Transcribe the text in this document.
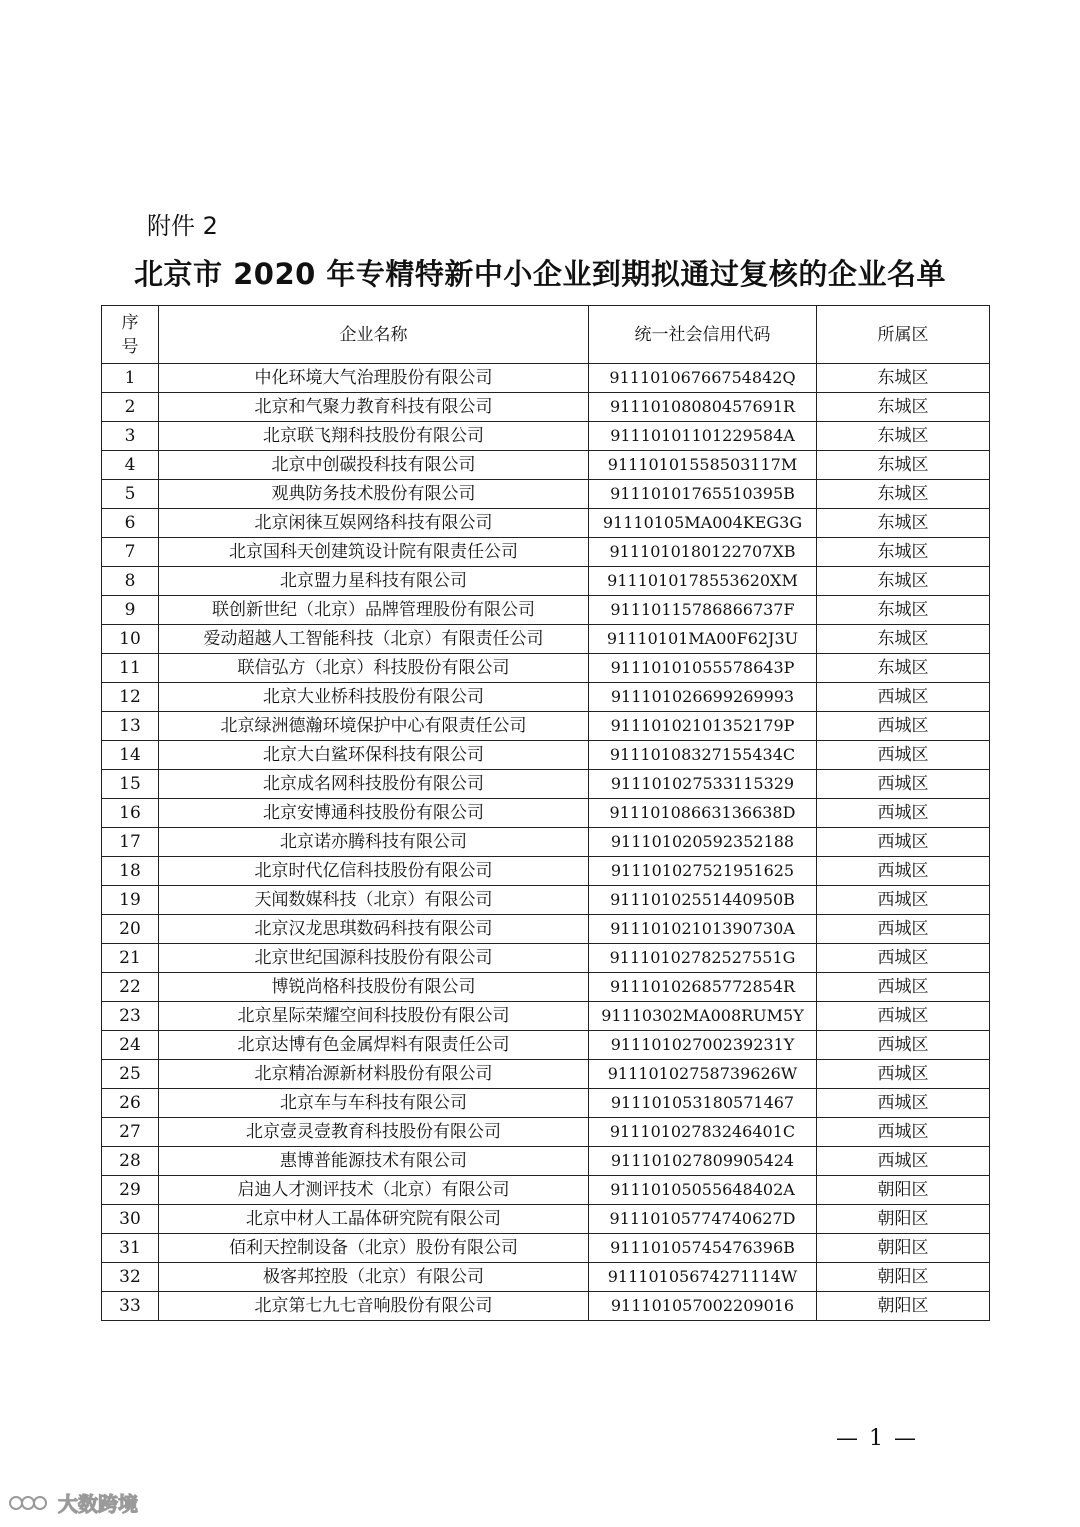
附件 2
北京市 2020 年专精特新中小企业到期拟通过复核的企业名单
序
号	企业名称	统一社会信用代码	所属区
1	中化环境大气治理股份有限公司	91110106766754842Q	东城区
2	北京和气聚力教育科技有限公司	91110108080457691R	东城区
3	北京联飞翔科技股份有限公司	91110101101229584A	东城区
4	北京中创碳投科技有限公司	91110101558503117M	东城区
5	观典防务技术股份有限公司	91110101765510395B	东城区
6	北京闲徕互娱网络科技有限公司	91110105MA004KEG3G	东城区
7	北京国科天创建筑设计院有限责任公司	9111010180122707XB	东城区
8	北京盟力星科技有限公司	9111010178553620XM	东城区
9	联创新世纪（北京）品牌管理股份有限公司	91110115786866737F	东城区
10	爱动超越人工智能科技（北京）有限责任公司	91110101MA00F62J3U	东城区
11	联信弘方（北京）科技股份有限公司	91110101055578643P	东城区
12	北京大业桥科技股份有限公司	911101026699269993	西城区
13	北京绿洲德瀚环境保护中心有限责任公司	91110102101352179P	西城区
14	北京大白鲨环保科技有限公司	91110108327155434C	西城区
15	北京成名网科技股份有限公司	911101027533115329	西城区
16	北京安博通科技股份有限公司	91110108663136638D	西城区
17	北京诺亦腾科技有限公司	911101020592352188	西城区
18	北京时代亿信科技股份有限公司	911101027521951625	西城区
19	天闻数媒科技（北京）有限公司	91110102551440950B	西城区
20	北京汉龙思琪数码科技有限公司	91110102101390730A	西城区
21	北京世纪国源科技股份有限公司	91110102782527551G	西城区
22	博锐尚格科技股份有限公司	91110102685772854R	西城区
23	北京星际荣耀空间科技股份有限公司	91110302MA008RUM5Y	西城区
24	北京达博有色金属焊料有限责任公司	91110102700239231Y	西城区
25	北京精冶源新材料股份有限公司	91110102758739626W	西城区
26	北京车与车科技有限公司	911101053180571467	西城区
27	北京壹灵壹教育科技股份有限公司	91110102783246401C	西城区
28	惠博普能源技术有限公司	911101027809905424	西城区
29	启迪人才测评技术（北京）有限公司	91110105055648402A	朝阳区
30	北京中材人工晶体研究院有限公司	91110105774740627D	朝阳区
31	佰利天控制设备（北京）股份有限公司	91110105745476396B	朝阳区
32	极客邦控股（北京）有限公司	91110105674271114W	朝阳区
33	北京第七九七音响股份有限公司	911101057002209016	朝阳区
— 1 —
大数跨境
